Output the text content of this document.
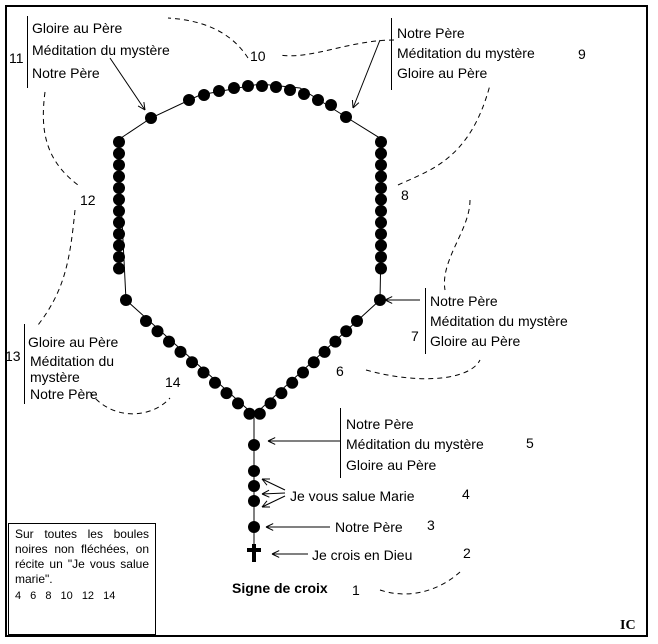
11
Gloire au Père
Méditation du mystère
Notre Père
10
Notre Père
Méditation du mystère
Gloire au Père
9
12	8
Notre Père
Méditation du mystère
Gloire au Père
7
13
Gloire au Père
Méditation du
mystère
Notre Père
14
6
Notre Père
Méditation du mystère
Gloire au Père
5
Je vous salue Marie	4
Notre Père 3
Je crois en Dieu	2
Signe de croix 1
Sur toutes les boules noires non fléchées, on récite un "Je vous salue marie".
4 6 8 10 12 14
IC
